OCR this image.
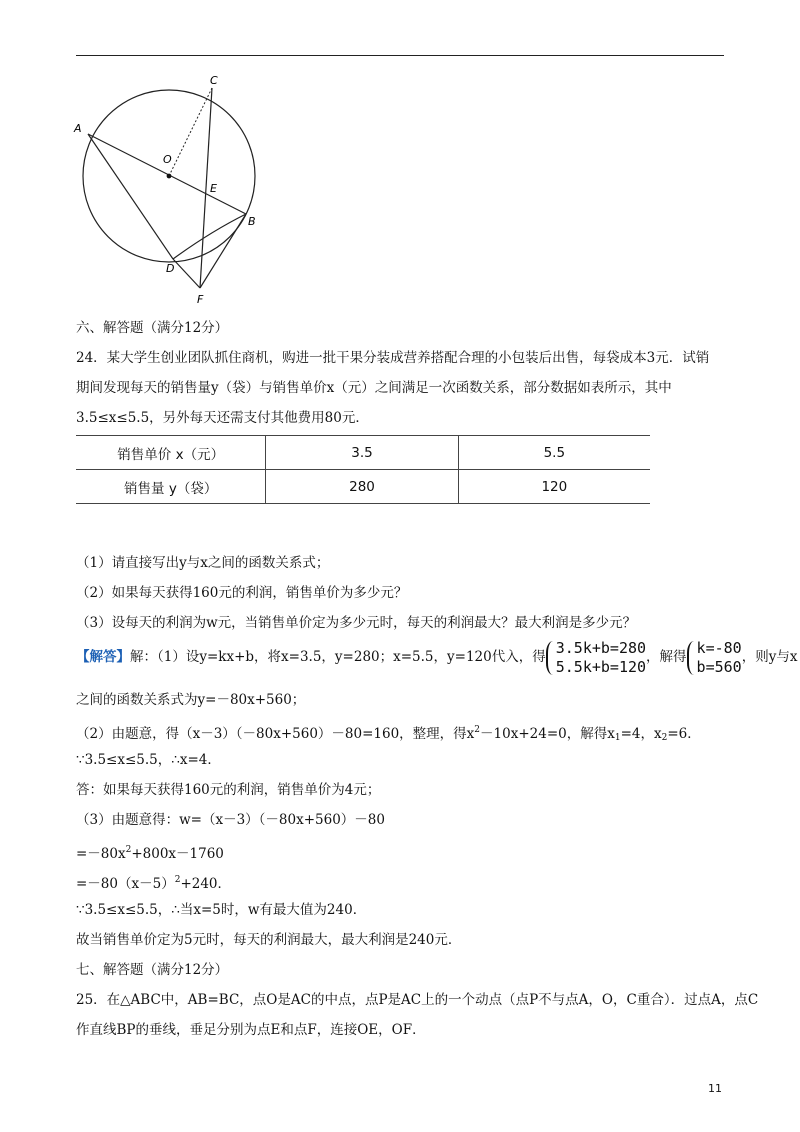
A
C
O
E
B
D
F
六、解答题（满分12分）
24．某大学生创业团队抓住商机，购进一批干果分装成营养搭配合理的小包装后出售，每袋成本3元．试销
期间发现每天的销售量y（袋）与销售单价x（元）之间满足一次函数关系，部分数据如表所示，其中
3.5≤x≤5.5，另外每天还需支付其他费用80元．
销售单价 x（元）	3.5	5.5
销售量 y（袋）	280	120
（1）请直接写出y与x之间的函数关系式；
（2）如果每天获得160元的利润，销售单价为多少元？
（3）设每天的利润为w元，当销售单价定为多少元时，每天的利润最大？最大利润是多少元？
【解答】解：（1）设y=kx+b，将x=3.5，y=280；x=5.5，y=120代入，得
3.5k+b=280
5.5k+b=120
，解得
k=-80
b=560
，则y与x
之间的函数关系式为y=－80x+560；
（2）由题意，得（x－3）（－80x+560）－80=160，整理，得$x^2-10x+24=0$，解得$x_1=4$，$x_2=6$．
∵3.5≤x≤5.5，∴x=4．
答：如果每天获得160元的利润，销售单价为4元；
（3）由题意得：w=（x－3）（－80x+560）－80
$=-80x^2+800x-1760$
$=-80(x-5)^2+240$．
∵3.5≤x≤5.5，∴当x=5时，w有最大值为240．
故当销售单价定为5元时，每天的利润最大，最大利润是240元．
七、解答题（满分12分）
25．在△ABC中，AB=BC，点O是AC的中点，点P是AC上的一个动点（点P不与点A，O，C重合）．过点A，点C
作直线BP的垂线，垂足分别为点E和点F，连接OE，OF．
11
